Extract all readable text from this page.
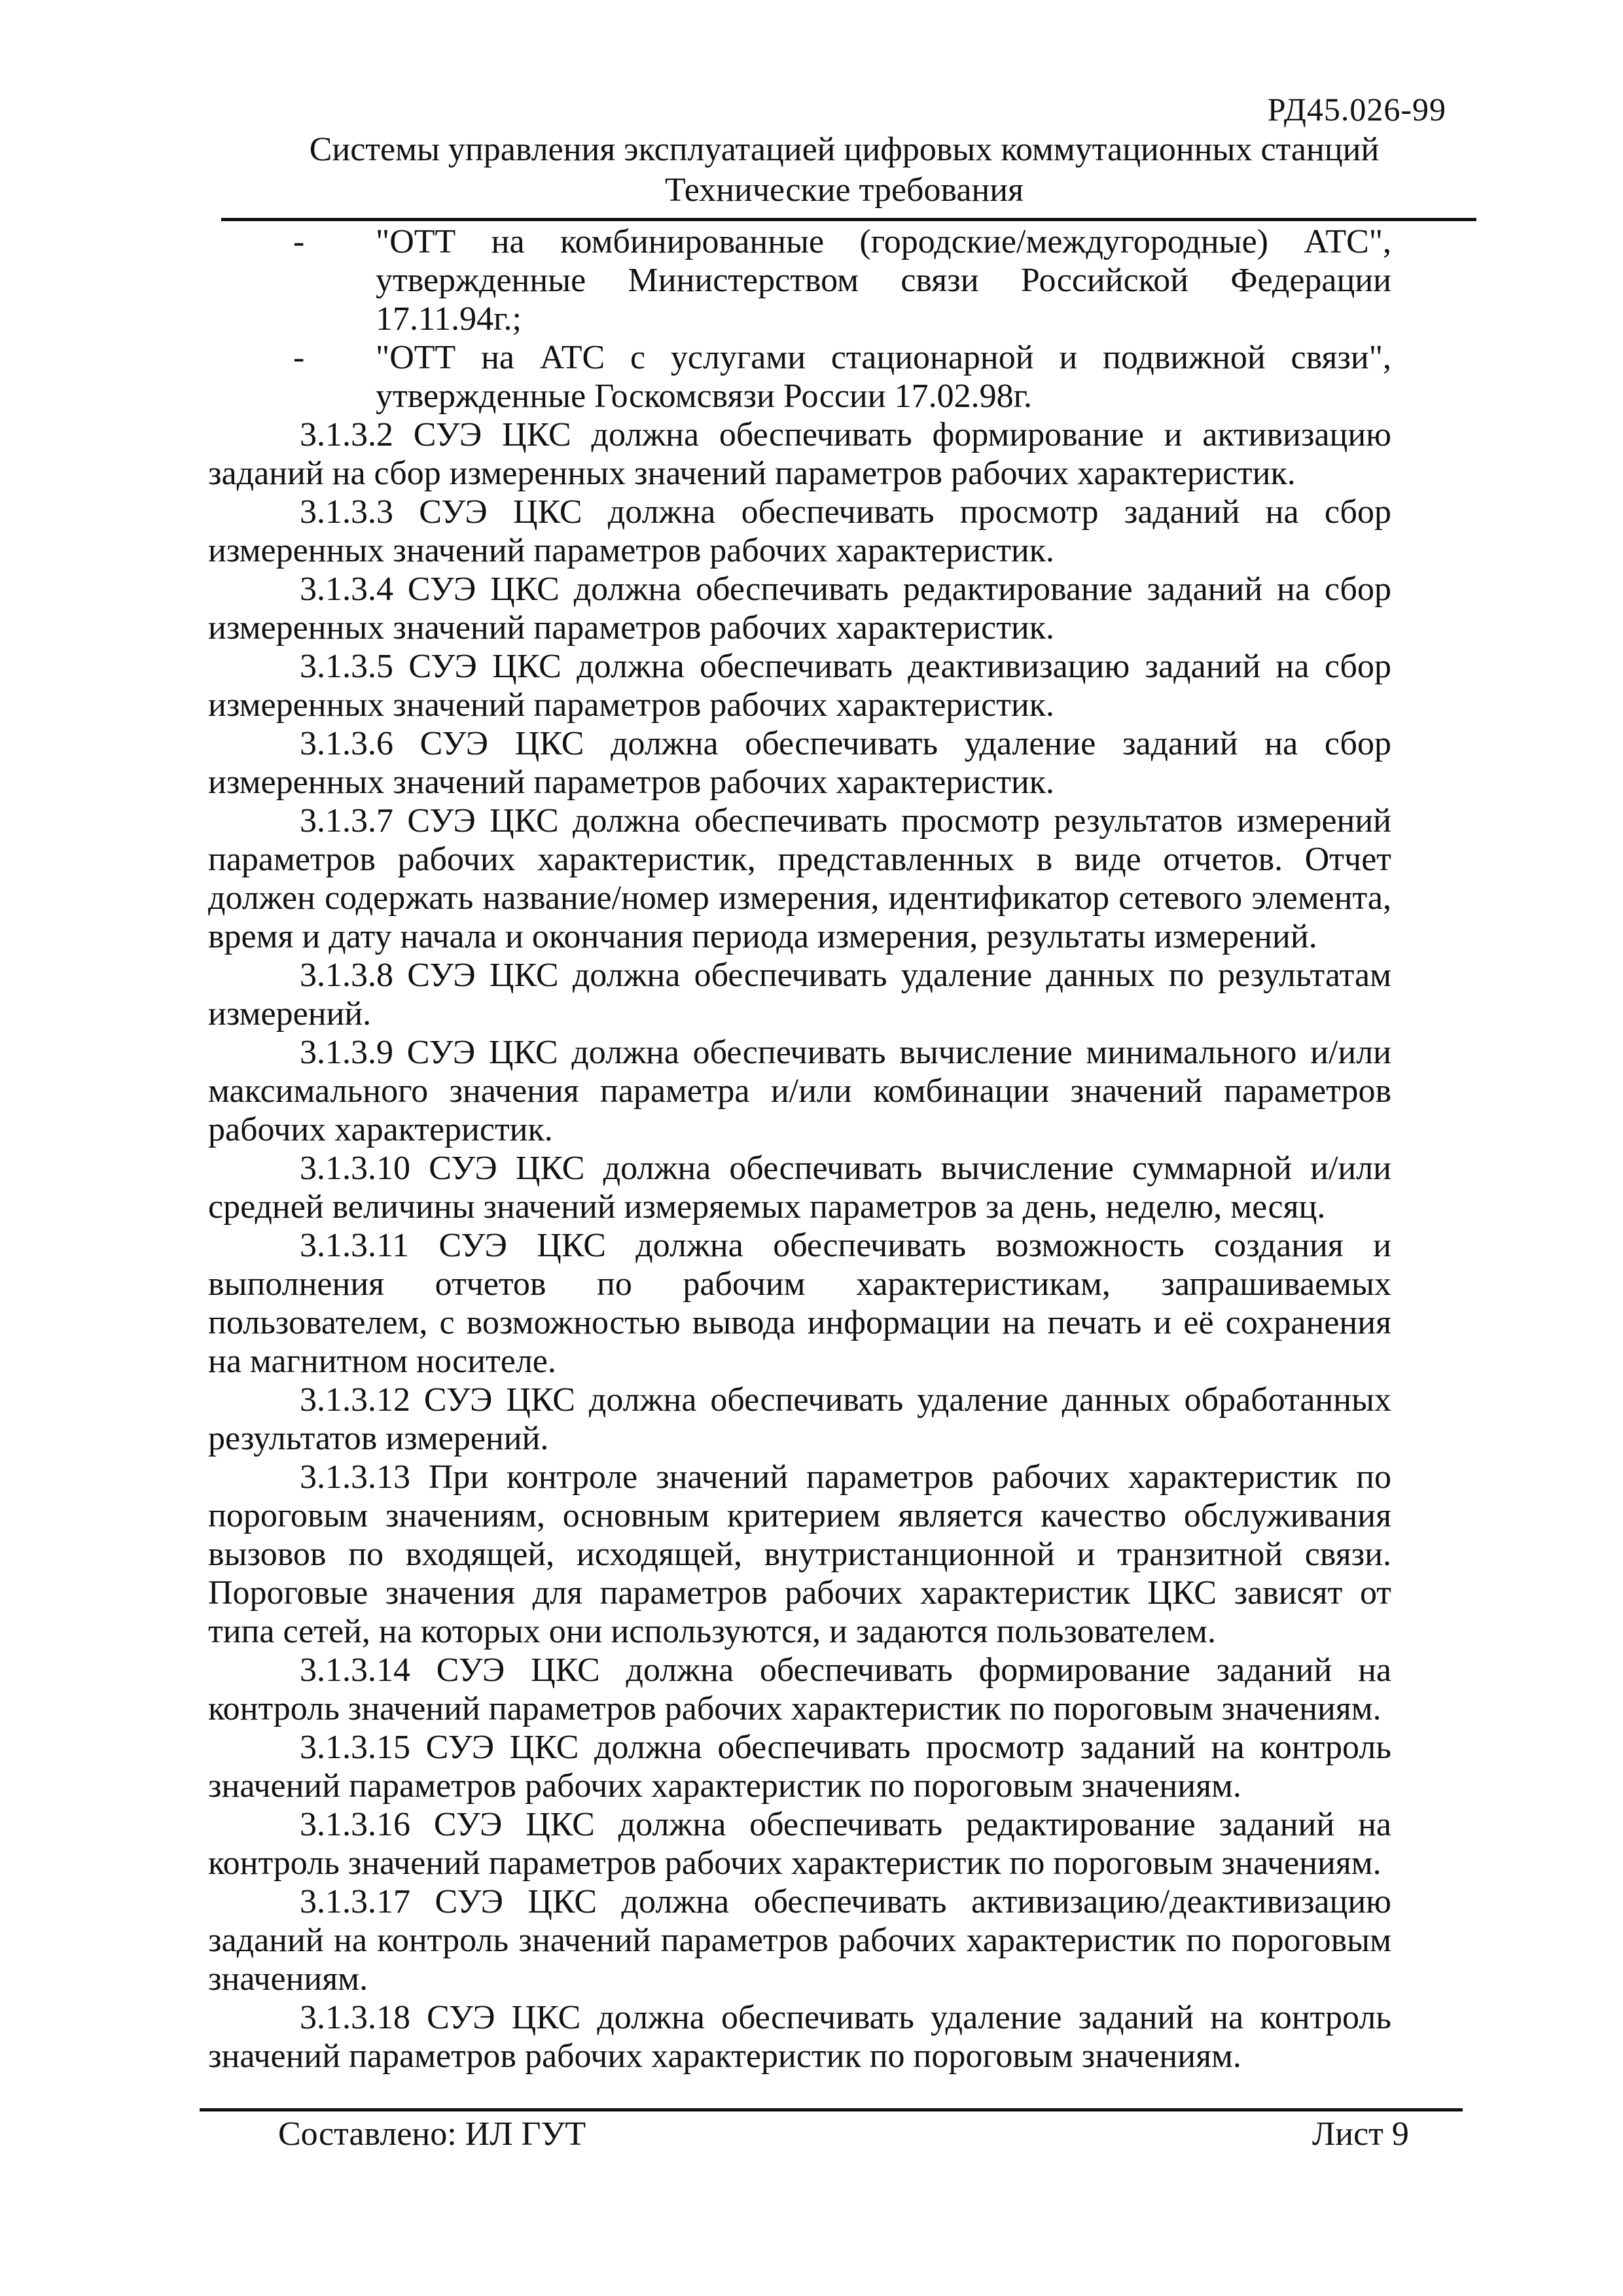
РД45.026-99
Системы управления эксплуатацией цифровых коммутационных станций
Технические требования
- "ОТТ на комбинированные (городские/междугородные) АТС", утвержденные Министерством связи Российской Федерации 17.11.94г.;
- "ОТТ на АТС с услугами стационарной и подвижной связи", утвержденные Госкомсвязи России 17.02.98г.

3.1.3.2 СУЭ ЦКС должна обеспечивать формирование и активизацию заданий на сбор измеренных значений параметров рабочих характеристик.

3.1.3.3 СУЭ ЦКС должна обеспечивать просмотр заданий на сбор измеренных значений параметров рабочих характеристик.

3.1.3.4 СУЭ ЦКС должна обеспечивать редактирование заданий на сбор измеренных значений параметров рабочих характеристик.

3.1.3.5 СУЭ ЦКС должна обеспечивать деактивизацию заданий на сбор измеренных значений параметров рабочих характеристик.

3.1.3.6 СУЭ ЦКС должна обеспечивать удаление заданий на сбор измеренных значений параметров рабочих характеристик.

3.1.3.7 СУЭ ЦКС должна обеспечивать просмотр результатов измерений параметров рабочих характеристик, представленных в виде отчетов. Отчет должен содержать название/номер измерения, идентификатор сетевого элемента, время и дату начала и окончания периода измерения, результаты измерений.

3.1.3.8 СУЭ ЦКС должна обеспечивать удаление данных по результатам измерений.

3.1.3.9 СУЭ ЦКС должна обеспечивать вычисление минимального и/или максимального значения параметра и/или комбинации значений параметров рабочих характеристик.

3.1.3.10 СУЭ ЦКС должна обеспечивать вычисление суммарной и/или средней величины значений измеряемых параметров за день, неделю, месяц.

3.1.3.11 СУЭ ЦКС должна обеспечивать возможность создания и выполнения отчетов по рабочим характеристикам, запрашиваемых пользователем, с возможностью вывода информации на печать и её сохранения на магнитном носителе.

3.1.3.12 СУЭ ЦКС должна обеспечивать удаление данных обработанных результатов измерений.

3.1.3.13 При контроле значений параметров рабочих характеристик по пороговым значениям, основным критерием является качество обслуживания вызовов по входящей, исходящей, внутристанционной и транзитной связи. Пороговые значения для параметров рабочих характеристик ЦКС зависят от типа сетей, на которых они используются, и задаются пользователем.

3.1.3.14 СУЭ ЦКС должна обеспечивать формирование заданий на контроль значений параметров рабочих характеристик по пороговым значениям.

3.1.3.15 СУЭ ЦКС должна обеспечивать просмотр заданий на контроль значений параметров рабочих характеристик по пороговым значениям.

3.1.3.16 СУЭ ЦКС должна обеспечивать редактирование заданий на контроль значений параметров рабочих характеристик по пороговым значениям.

3.1.3.17 СУЭ ЦКС должна обеспечивать активизацию/деактивизацию заданий на контроль значений параметров рабочих характеристик по пороговым значениям.

3.1.3.18 СУЭ ЦКС должна обеспечивать удаление заданий на контроль значений параметров рабочих характеристик по пороговым значениям.

Составлено: ИЛ ГУТ	Лист 9
